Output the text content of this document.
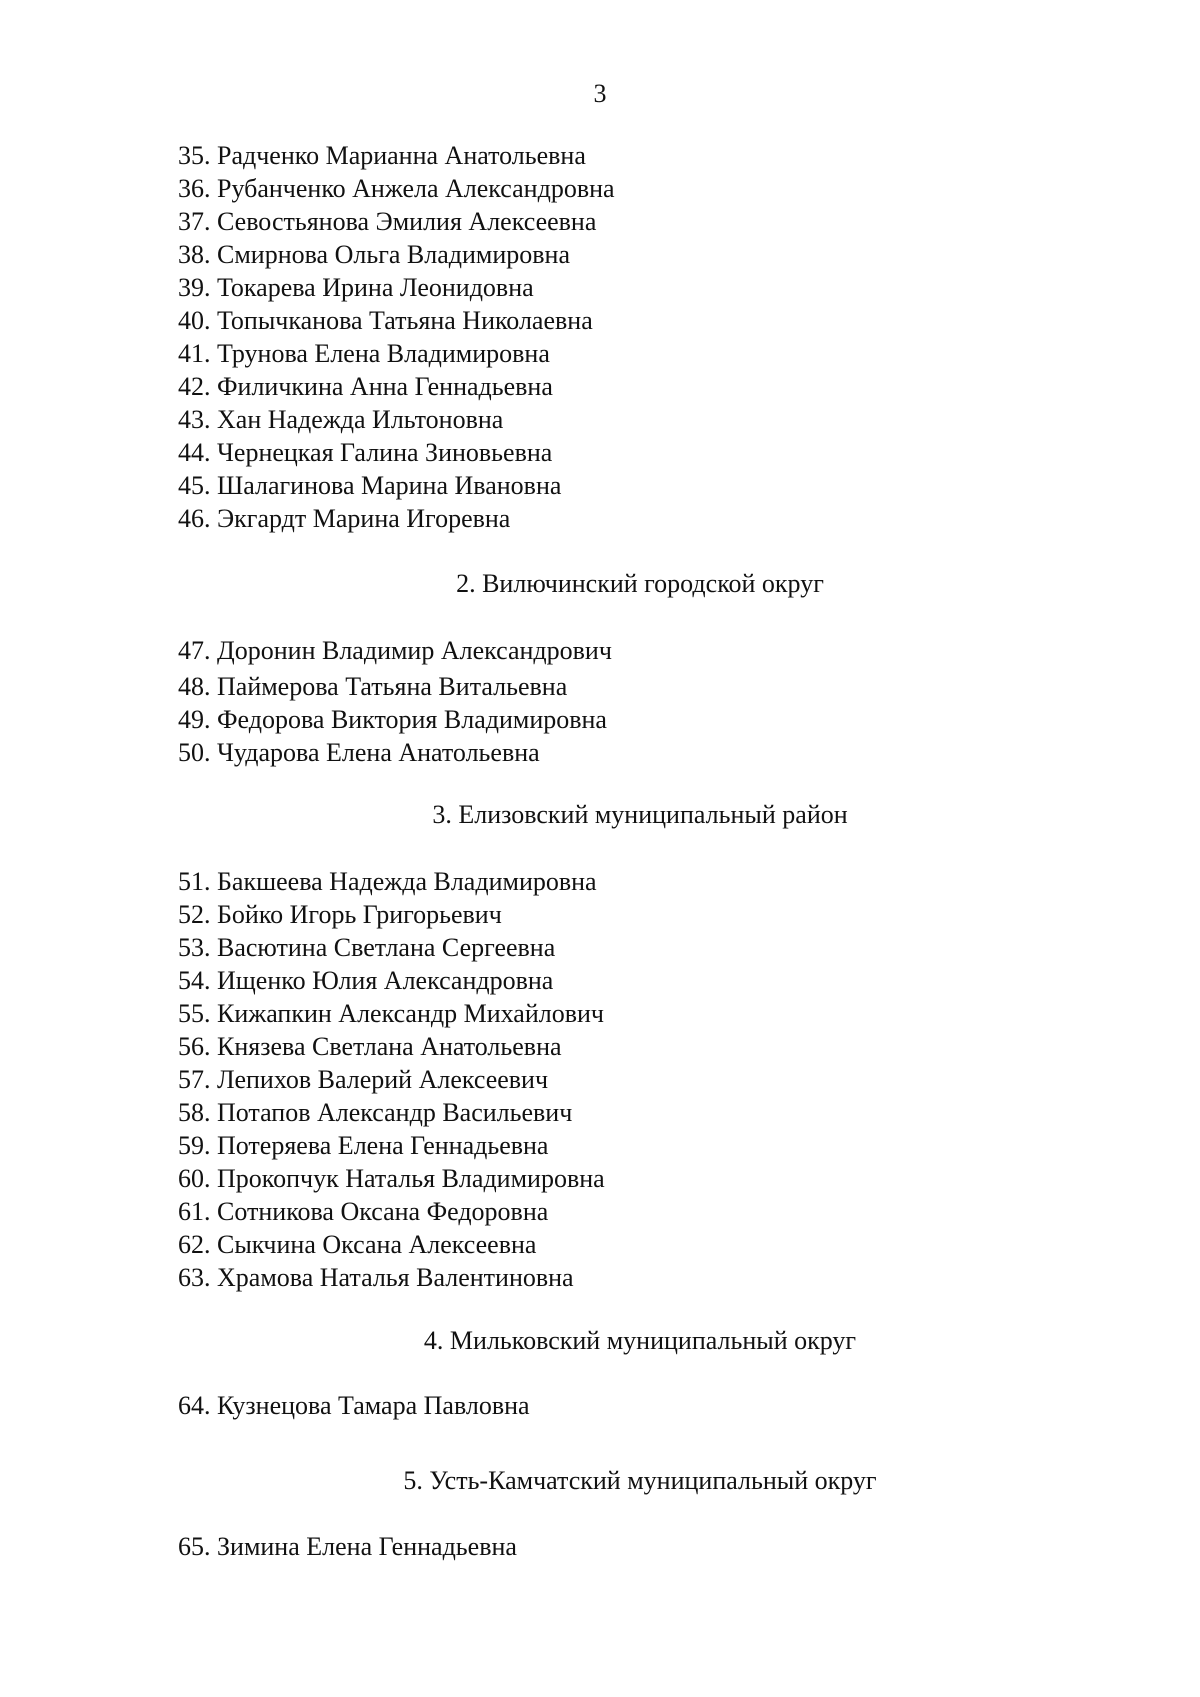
3

35. Радченко Марианна Анатольевна
36. Рубанченко Анжела Александровна
37. Севостьянова Эмилия Алексеевна
38. Смирнова Ольга Владимировна
39. Токарева Ирина Леонидовна
40. Топычканова Татьяна Николаевна
41. Трунова Елена Владимировна
42. Филичкина Анна Геннадьевна
43. Хан Надежда Ильтоновна
44. Чернецкая Галина Зиновьевна
45. Шалагинова Марина Ивановна
46. Экгардт Марина Игоревна
2. Вилючинский городской округ
47. Доронин Владимир Александрович
48. Паймерова Татьяна Витальевна
49. Федорова Виктория Владимировна
50. Чударова Елена Анатольевна
3. Елизовский муниципальный район
51. Бакшеева Надежда Владимировна
52. Бойко Игорь Григорьевич
53. Васютина Светлана Сергеевна
54. Ищенко Юлия Александровна
55. Кижапкин Александр Михайлович
56. Князева Светлана Анатольевна
57. Лепихов Валерий Алексеевич
58. Потапов Александр Васильевич
59. Потеряева Елена Геннадьевна
60. Прокопчук Наталья Владимировна
61. Сотникова Оксана Федоровна
62. Сыкчина Оксана Алексеевна
63. Храмова Наталья Валентиновна
4. Мильковский муниципальный округ
64. Кузнецова Тамара Павловна
5. Усть-Камчатский муниципальный округ
65. Зимина Елена Геннадьевна
